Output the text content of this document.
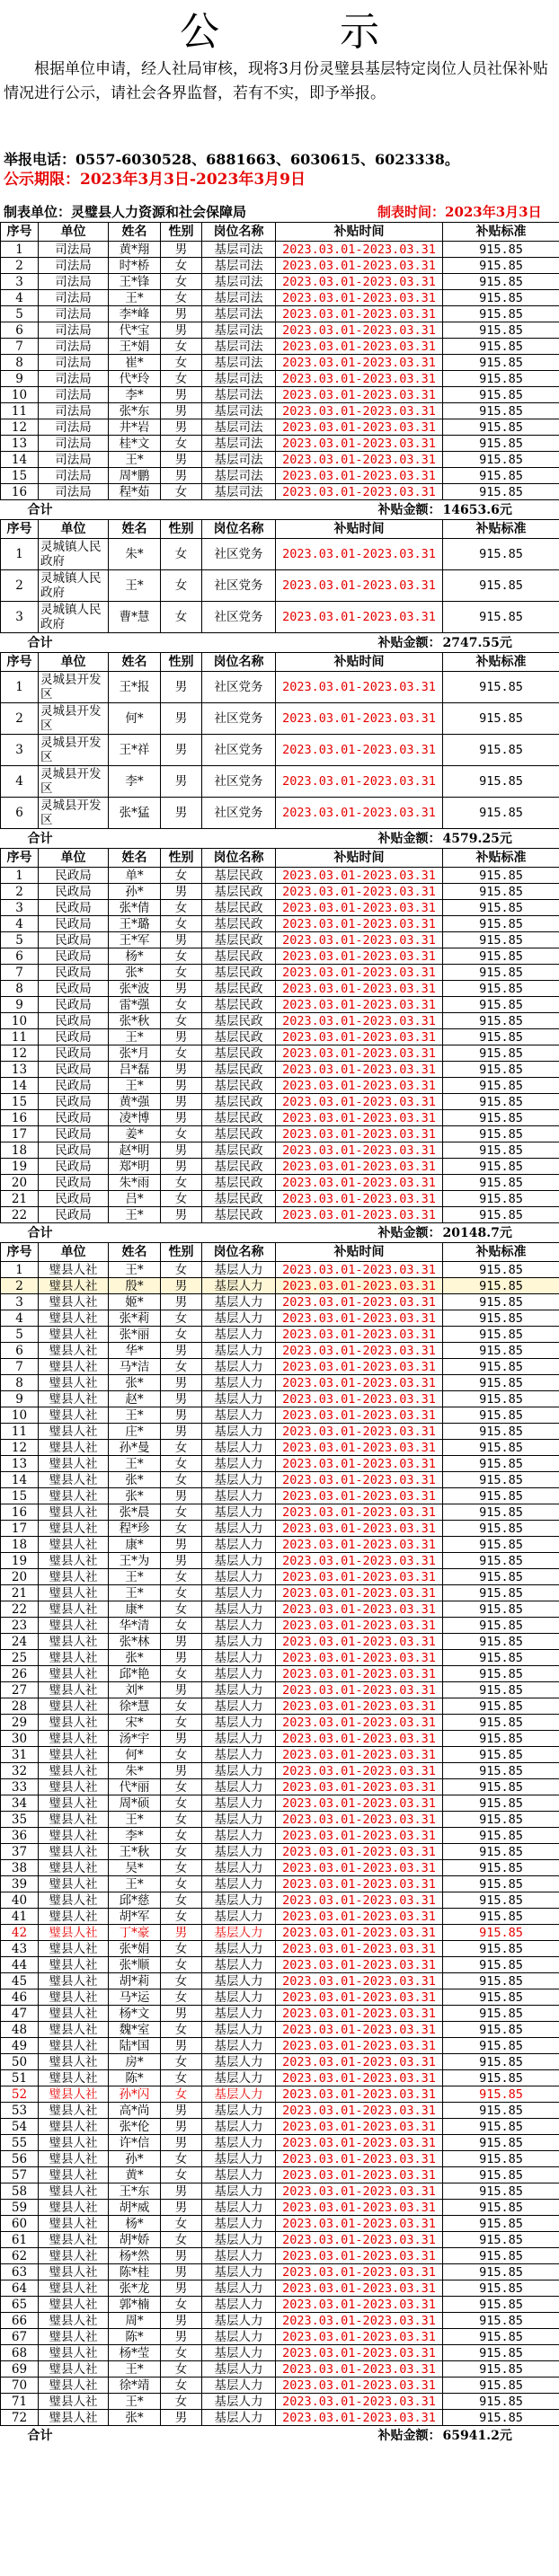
公 示
根据单位申请，经人社局审核，现将3月份灵璧县基层特定岗位人员社保补贴情况进行公示，请社会各界监督，若有不实，即予举报。
举报电话：0557-6030528、6881663、6030615、6023338。
公示期限：2023年3月3日-2023年3月9日
制表单位：灵璧县人力资源和社会保障局	制表时间：2023年3月3日
序号	单位	姓名	性别	岗位名称	补贴时间	补贴标准
1	司法局	黄*翔	男	基层司法	2023.03.01-2023.03.31	915.85
2	司法局	时*桥	女	基层司法	2023.03.01-2023.03.31	915.85
3	司法局	王*锋	女	基层司法	2023.03.01-2023.03.31	915.85
4	司法局	王*	女	基层司法	2023.03.01-2023.03.31	915.85
5	司法局	李*峰	男	基层司法	2023.03.01-2023.03.31	915.85
6	司法局	代*宝	男	基层司法	2023.03.01-2023.03.31	915.85
7	司法局	王*娟	女	基层司法	2023.03.01-2023.03.31	915.85
8	司法局	崔*	女	基层司法	2023.03.01-2023.03.31	915.85
9	司法局	代*玲	女	基层司法	2023.03.01-2023.03.31	915.85
10	司法局	李*	男	基层司法	2023.03.01-2023.03.31	915.85
11	司法局	张*东	男	基层司法	2023.03.01-2023.03.31	915.85
12	司法局	井*岩	男	基层司法	2023.03.01-2023.03.31	915.85
13	司法局	桂*文	女	基层司法	2023.03.01-2023.03.31	915.85
14	司法局	王*	男	基层司法	2023.03.01-2023.03.31	915.85
15	司法局	周*鹏	男	基层司法	2023.03.01-2023.03.31	915.85
16	司法局	程*茹	女	基层司法	2023.03.01-2023.03.31	915.85
合计					补贴金额：	14653.6元
序号	单位	姓名	性别	岗位名称	补贴时间	补贴标准
1	灵城镇人民政府	朱*	女	社区党务	2023.03.01-2023.03.31	915.85
2	灵城镇人民政府	王*	女	社区党务	2023.03.01-2023.03.31	915.85
3	灵城镇人民政府	曹*慧	女	社区党务	2023.03.01-2023.03.31	915.85
合计					补贴金额：	2747.55元
序号	单位	姓名	性别	岗位名称	补贴时间	补贴标准
1	灵城县开发区	王*报	男	社区党务	2023.03.01-2023.03.31	915.85
2	灵城县开发区	何*	男	社区党务	2023.03.01-2023.03.31	915.85
3	灵城县开发区	王*祥	男	社区党务	2023.03.01-2023.03.31	915.85
4	灵城县开发区	李*	男	社区党务	2023.03.01-2023.03.31	915.85
6	灵城县开发区	张*猛	男	社区党务	2023.03.01-2023.03.31	915.85
合计					补贴金额：	4579.25元
序号	单位	姓名	性别	岗位名称	补贴时间	补贴标准
1	民政局	单*	女	基层民政	2023.03.01-2023.03.31	915.85
2	民政局	孙*	男	基层民政	2023.03.01-2023.03.31	915.85
3	民政局	张*倩	女	基层民政	2023.03.01-2023.03.31	915.85
4	民政局	王*璐	女	基层民政	2023.03.01-2023.03.31	915.85
5	民政局	王*军	男	基层民政	2023.03.01-2023.03.31	915.85
6	民政局	杨*	女	基层民政	2023.03.01-2023.03.31	915.85
7	民政局	张*	女	基层民政	2023.03.01-2023.03.31	915.85
8	民政局	张*波	男	基层民政	2023.03.01-2023.03.31	915.85
9	民政局	雷*强	女	基层民政	2023.03.01-2023.03.31	915.85
10	民政局	张*秋	女	基层民政	2023.03.01-2023.03.31	915.85
11	民政局	王*	男	基层民政	2023.03.01-2023.03.31	915.85
12	民政局	张*月	女	基层民政	2023.03.01-2023.03.31	915.85
13	民政局	吕*磊	男	基层民政	2023.03.01-2023.03.31	915.85
14	民政局	王*	男	基层民政	2023.03.01-2023.03.31	915.85
15	民政局	黄*强	男	基层民政	2023.03.01-2023.03.31	915.85
16	民政局	凌*博	男	基层民政	2023.03.01-2023.03.31	915.85
17	民政局	姜*	女	基层民政	2023.03.01-2023.03.31	915.85
18	民政局	赵*明	男	基层民政	2023.03.01-2023.03.31	915.85
19	民政局	郑*明	男	基层民政	2023.03.01-2023.03.31	915.85
20	民政局	朱*雨	女	基层民政	2023.03.01-2023.03.31	915.85
21	民政局	吕*	女	基层民政	2023.03.01-2023.03.31	915.85
22	民政局	王*	男	基层民政	2023.03.01-2023.03.31	915.85
合计					补贴金额：	20148.7元
序号	单位	姓名	性别	岗位名称	补贴时间	补贴标准
1	璧县人社	王*	女	基层人力	2023.03.01-2023.03.31	915.85
2	璧县人社	殷*	男	基层人力	2023.03.01-2023.03.31	915.85
3	璧县人社	姬*	男	基层人力	2023.03.01-2023.03.31	915.85
4	璧县人社	张*莉	女	基层人力	2023.03.01-2023.03.31	915.85
5	璧县人社	张*丽	女	基层人力	2023.03.01-2023.03.31	915.85
6	璧县人社	华*	男	基层人力	2023.03.01-2023.03.31	915.85
7	璧县人社	马*洁	女	基层人力	2023.03.01-2023.03.31	915.85
8	璧县人社	张*	男	基层人力	2023.03.01-2023.03.31	915.85
9	璧县人社	赵*	男	基层人力	2023.03.01-2023.03.31	915.85
10	璧县人社	王*	男	基层人力	2023.03.01-2023.03.31	915.85
11	璧县人社	庄*	男	基层人力	2023.03.01-2023.03.31	915.85
12	璧县人社	孙*曼	女	基层人力	2023.03.01-2023.03.31	915.85
13	璧县人社	王*	女	基层人力	2023.03.01-2023.03.31	915.85
14	璧县人社	张*	女	基层人力	2023.03.01-2023.03.31	915.85
15	璧县人社	张*	男	基层人力	2023.03.01-2023.03.31	915.85
16	璧县人社	张*晨	女	基层人力	2023.03.01-2023.03.31	915.85
17	璧县人社	程*珍	女	基层人力	2023.03.01-2023.03.31	915.85
18	璧县人社	康*	男	基层人力	2023.03.01-2023.03.31	915.85
19	璧县人社	王*为	男	基层人力	2023.03.01-2023.03.31	915.85
20	璧县人社	王*	女	基层人力	2023.03.01-2023.03.31	915.85
21	璧县人社	王*	女	基层人力	2023.03.01-2023.03.31	915.85
22	璧县人社	康*	女	基层人力	2023.03.01-2023.03.31	915.85
23	璧县人社	华*清	女	基层人力	2023.03.01-2023.03.31	915.85
24	璧县人社	张*林	男	基层人力	2023.03.01-2023.03.31	915.85
25	璧县人社	张*	男	基层人力	2023.03.01-2023.03.31	915.85
26	璧县人社	邱*艳	女	基层人力	2023.03.01-2023.03.31	915.85
27	璧县人社	刘*	男	基层人力	2023.03.01-2023.03.31	915.85
28	璧县人社	徐*慧	女	基层人力	2023.03.01-2023.03.31	915.85
29	璧县人社	宋*	女	基层人力	2023.03.01-2023.03.31	915.85
30	璧县人社	汤*宇	男	基层人力	2023.03.01-2023.03.31	915.85
31	璧县人社	何*	女	基层人力	2023.03.01-2023.03.31	915.85
32	璧县人社	朱*	男	基层人力	2023.03.01-2023.03.31	915.85
33	璧县人社	代*丽	女	基层人力	2023.03.01-2023.03.31	915.85
34	璧县人社	周*硕	女	基层人力	2023.03.01-2023.03.31	915.85
35	璧县人社	王*	女	基层人力	2023.03.01-2023.03.31	915.85
36	璧县人社	李*	女	基层人力	2023.03.01-2023.03.31	915.85
37	璧县人社	王*秋	女	基层人力	2023.03.01-2023.03.31	915.85
38	璧县人社	吴*	女	基层人力	2023.03.01-2023.03.31	915.85
39	璧县人社	王*	女	基层人力	2023.03.01-2023.03.31	915.85
40	璧县人社	邱*慈	女	基层人力	2023.03.01-2023.03.31	915.85
41	璧县人社	胡*军	女	基层人力	2023.03.01-2023.03.31	915.85
42	璧县人社	丁*豪	男	基层人力	2023.03.01-2023.03.31	915.85
43	璧县人社	张*娟	女	基层人力	2023.03.01-2023.03.31	915.85
44	璧县人社	张*顺	女	基层人力	2023.03.01-2023.03.31	915.85
45	璧县人社	胡*莉	女	基层人力	2023.03.01-2023.03.31	915.85
46	璧县人社	马*运	女	基层人力	2023.03.01-2023.03.31	915.85
47	璧县人社	杨*文	男	基层人力	2023.03.01-2023.03.31	915.85
48	璧县人社	魏*室	女	基层人力	2023.03.01-2023.03.31	915.85
49	璧县人社	陆*国	男	基层人力	2023.03.01-2023.03.31	915.85
50	璧县人社	房*	女	基层人力	2023.03.01-2023.03.31	915.85
51	璧县人社	陈*	女	基层人力	2023.03.01-2023.03.31	915.85
52	璧县人社	孙*闪	女	基层人力	2023.03.01-2023.03.31	915.85
53	璧县人社	高*尚	男	基层人力	2023.03.01-2023.03.31	915.85
54	璧县人社	张*伦	男	基层人力	2023.03.01-2023.03.31	915.85
55	璧县人社	许*信	男	基层人力	2023.03.01-2023.03.31	915.85
56	璧县人社	孙*	女	基层人力	2023.03.01-2023.03.31	915.85
57	璧县人社	黄*	女	基层人力	2023.03.01-2023.03.31	915.85
58	璧县人社	王*东	男	基层人力	2023.03.01-2023.03.31	915.85
59	璧县人社	胡*威	男	基层人力	2023.03.01-2023.03.31	915.85
60	璧县人社	杨*	女	基层人力	2023.03.01-2023.03.31	915.85
61	璧县人社	胡*娇	女	基层人力	2023.03.01-2023.03.31	915.85
62	璧县人社	杨*然	男	基层人力	2023.03.01-2023.03.31	915.85
63	璧县人社	陈*桂	男	基层人力	2023.03.01-2023.03.31	915.85
64	璧县人社	张*龙	男	基层人力	2023.03.01-2023.03.31	915.85
65	璧县人社	郭*楠	女	基层人力	2023.03.01-2023.03.31	915.85
66	璧县人社	周*	男	基层人力	2023.03.01-2023.03.31	915.85
67	璧县人社	陈*	男	基层人力	2023.03.01-2023.03.31	915.85
68	璧县人社	杨*莹	女	基层人力	2023.03.01-2023.03.31	915.85
69	璧县人社	王*	女	基层人力	2023.03.01-2023.03.31	915.85
70	璧县人社	徐*靖	女	基层人力	2023.03.01-2023.03.31	915.85
71	璧县人社	王*	女	基层人力	2023.03.01-2023.03.31	915.85
72	璧县人社	张*	男	基层人力	2023.03.01-2023.03.31	915.85
合计					补贴金额：	65941.2元
